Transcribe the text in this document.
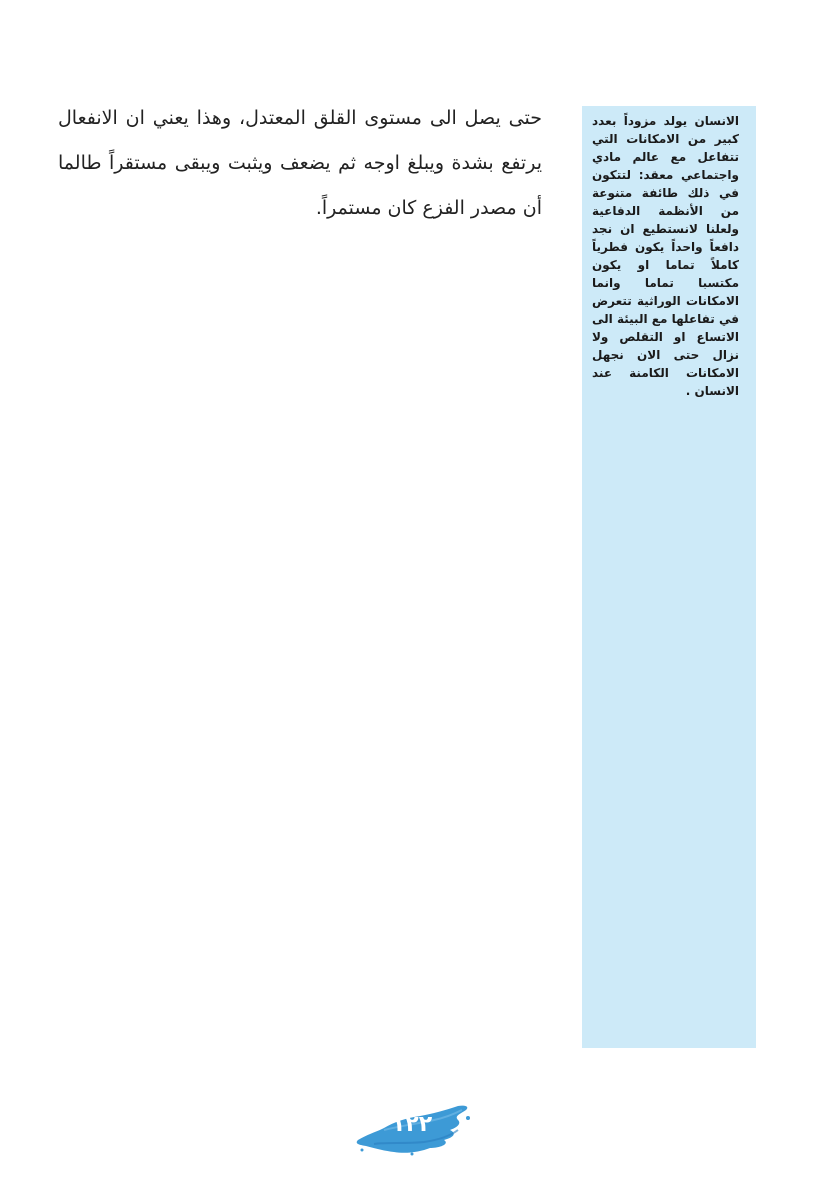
حتى يصل الى مستوى القلق المعتدل، وهذا يعني ان الانفعال يرتفع بشدة ويبلغ اوجه ثم يضعف ويثبت ويبقى مستقراً طالما أن مصدر الفزع كان مستمراً.

الانسان يولد مزوداً بعدد كبير من الامكانات التي تتفاعل مع عالم مادي واجتماعي معقد: لتتكون في ذلك طائفة متنوعة من الأنظمة الدفاعية ولعلنا لانستطيع ان نجد دافعاً واحداً يكون فطرياً كاملاً تماما او يكون مكتسبا تماما وانما الامكانات الوراثية تتعرض في تفاعلها مع البيئة الى الاتساع او التقلص ولا نزال حتى الان نجهل الامكانات الكامنة عند الانسان .

١٢٢
